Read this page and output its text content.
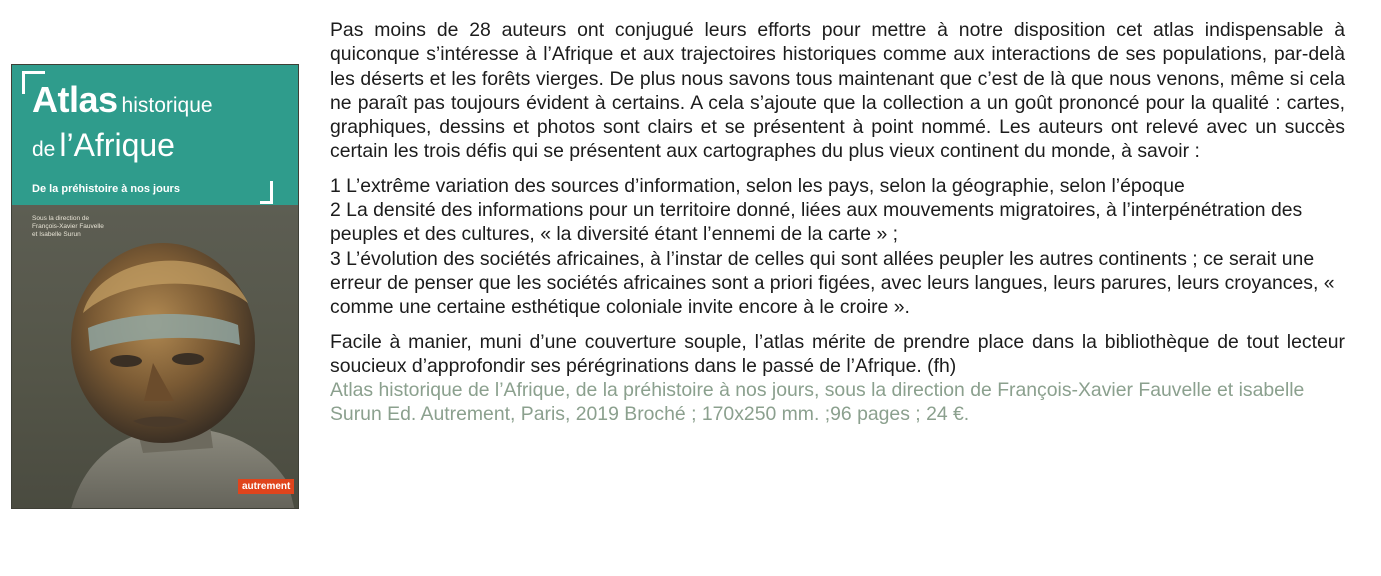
Atlas historique
de l’Afrique
De la préhistoire à nos jours
Sous la direction de
François-Xavier Fauvelle
et Isabelle Surun
autrement

Pas moins de 28 auteurs ont conjugué leurs efforts pour mettre à notre disposition cet atlas indispensable à quiconque s’intéresse à l’Afrique et aux trajectoires historiques comme aux interactions de ses populations, par-delà les déserts et les forêts vierges. De plus nous savons tous maintenant que c’est de là que nous venons, même si cela ne paraît pas toujours évident à certains. A cela s’ajoute que la collection a un goût prononcé pour la qualité : cartes, graphiques, dessins et photos sont clairs et se présentent à point nommé. Les auteurs ont relevé avec un succès certain les trois défis qui se présentent aux cartographes du plus vieux continent du monde, à savoir :

1 L’extrême variation des sources d’information, selon les pays, selon la géographie, selon l’époque

2 La densité des informations pour un territoire donné, liées aux mouvements migratoires, à l’interpénétration des peuples et des cultures, « la diversité étant l’ennemi de la carte » ;

3 L’évolution des sociétés africaines, à l’instar de celles qui sont allées peupler les autres continents ; ce serait une erreur de penser que les sociétés africaines sont a priori figées, avec leurs langues, leurs parures, leurs croyances, « comme une certaine esthétique coloniale invite encore à le croire ».

Facile à manier, muni d’une couverture souple, l’atlas mérite de prendre place dans la bibliothèque de tout lecteur soucieux d’approfondir ses pérégrinations dans le passé de l’Afrique. (fh)

Atlas historique de l’Afrique, de la préhistoire à nos jours, sous la direction de François-Xavier Fauvelle et isabelle Surun Ed. Autrement, Paris, 2019 Broché ; 170x250 mm. ;96 pages ; 24 €.
